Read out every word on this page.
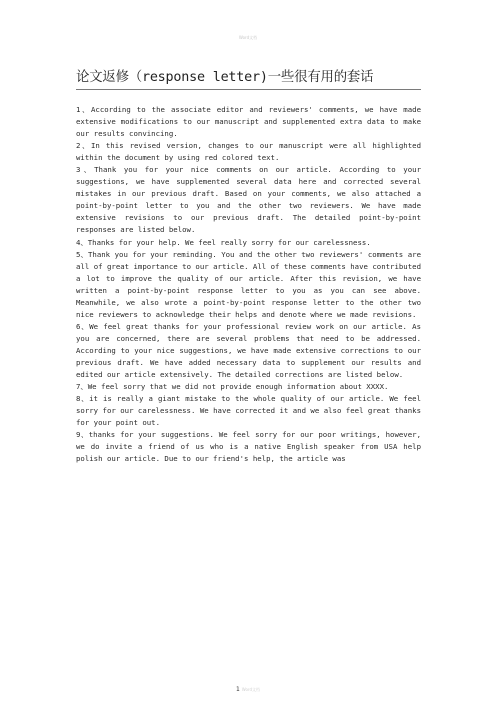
Word文档
论文返修（response letter)一些很有用的套话

1、According to the associate editor and reviewers' comments, we have made extensive modifications to our manuscript and supplemented extra data to make our results convincing.

2、In this revised version, changes to our manuscript were all highlighted within the document by using red colored text.

3、Thank you for your nice comments on our article. According to your suggestions, we have supplemented several data here and corrected several mistakes in our previous draft. Based on your comments, we also attached a point-by-point letter to you and the other two reviewers. We have made extensive revisions to our previous draft. The detailed point-by-point responses are listed below.

4、Thanks for your help. We feel really sorry for our carelessness.

5、Thank you for your reminding. You and the other two reviewers' comments are all of great importance to our article. All of these comments have contributed a lot to improve the quality of our article. After this revision, we have written a point-by-point response letter to you as you can see above. Meanwhile, we also wrote a point-by-point response letter to the other two nice reviewers to acknowledge their helps and denote where we made revisions.

6、We feel great thanks for your professional review work on our article. As you are concerned, there are several problems that need to be addressed. According to your nice suggestions, we have made extensive corrections to our previous draft. We have added necessary data to supplement our results and edited our article extensively. The detailed corrections are listed below.

7、We feel sorry that we did not provide enough information about XXXX.

8、it is really a giant mistake to the whole quality of our article. We feel sorry for our carelessness. We have corrected it and we also feel great thanks for your point out.

9、thanks for your suggestions. We feel sorry for our poor writings, however, we do invite a friend of us who is a native English speaker from USA help polish our article. Due to our friend's help, the article was

1 Word文档
